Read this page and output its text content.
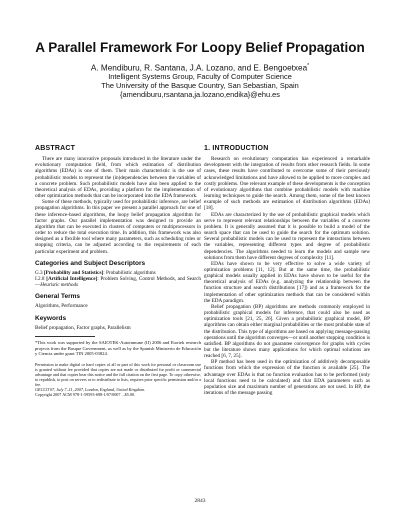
A Parallel Framework For Loopy Belief Propagation
A. Mendiburu, R. Santana, J.A. Lozano, and E. Bengoetxea*
Intelligent Systems Group, Faculty of Computer Science
The University of the Basque Country, San Sebastian, Spain
{amendiburu,rsantana,ja.lozano,endika}@ehu.es
ABSTRACT

There are many innovative proposals introduced in the literature under the evolutionary computation field, from which estimation of distribution algorithms (EDAs) is one of them. Their main characteristic is the use of probabilistic models to represent the (in)dependencies between the variables of a concrete problem. Such probabilistic models have also been applied to the theoretical analysis of EDAs, providing a platform for the implementation of other optimization methods that can be incorporated into the EDA framework.

Some of these methods, typically used for probabilistic inference, are belief propagation algorithms. In this paper we present a parallel approach for one of these inference-based algorithms, the loopy belief propagation algorithm for factor graphs. Our parallel implementation was designed to provide an algorithm that can be executed in clusters of computers or multiprocessors in order to reduce the total execution time. In addition, this framework was also designed as a flexible tool where many parameters, such as scheduling rules or stopping criteria, can be adjusted according to the requirements of each particular experiment and problem.

Categories and Subject Descriptors

G.3 [Probability and Statistics]: Probabilistic algorithms

I.2.8 [Artificial Intelligence]: Problem Solving, Control Methods, and Search—Heuristic methods

General Terms

Algorithms, Performance

Keywords

Belief propagation, Factor graphs, Parallelism

*This work was supported by the SAIOTEK-Autoinmune (II) 2006 and Etortek research projects from the Basque Government, as well as by the Spanish Ministerio de Educación y Ciencia under grant TIN 2005-03824.

Permission to make digital or hard copies of all or part of this work for personal or classroom use is granted without fee provided that copies are not made or distributed for profit or commercial advantage and that copies bear this notice and the full citation on the first page. To copy otherwise, to republish, to post on servers or to redistribute to lists, requires prior specific permission and/or a fee.
GECCO'07, July 7–11, 2007, London, England, United Kingdom.
Copyright 2007 ACM 978-1-59593-698-1/07/0007 ...$5.00.
1. INTRODUCTION

Research on evolutionary computation has experienced a remarkable development with the integration of results from other research fields. In some cases, these results have contributed to overcome some of their previously acknowledged limitations and have allowed to be applied to more complex and costly problems. One relevant example of these developments is the conception of evolutionary algorithms that combine probabilistic models with machine learning techniques to guide the search. Among them, some of the best known example of such methods are estimation of distribution algorithms (EDAs) [18].

EDAs are characterized by the use of probabilistic graphical models which serve to represent relevant relationships between the variables of a concrete problem. It is generally assumed that it is possible to build a model of the search space that can be used to guide the search for the optimum solution. Several probabilistic models can be used to represent the interactions between the variables, representing different types and degree of probabilistic dependencies. The algorithms needed to learn the models and sample new solutions from them have different degrees of complexity [11].

EDAs have shown to be very effective to solve a wide variety of optimization problems [11, 12]. But at the same time, the probabilistic graphical models usually applied in EDAs have shown to be useful for the theoretical analysis of EDAs (e.g. analyzing the relationship between the function structure and search distributions [17]) and as a framework for the implementation of other optimization methods that can be considered within the EDA paradigm.

Belief propagation (BP) algorithms are methods commonly employed in probabilistic graphical models for inference, that could also be used as optimization tools [21, 25, 26]. Given a probabilistic graphical model, BP algorithms can obtain either marginal probabilities or the most probable state of the distribution. This type of algorithms are based on applying message-passing operations until the algorithm converges—or until another stopping condition is satisfied. BP algorithms do not guarantee convergence for graphs with cycles but the literature shows many applications for which optimal solutions are reached [6, 7, 25].

BP method has been used in the optimization of additively decomposable functions from which the expression of the function is available [25]. The advantage over EDAs is that no function evaluation has to be performed (only local functions need to be calculated) and that EDA parameters such as population size and maximum number of generations are not used. In BP, the iterations of the message passing

2843
